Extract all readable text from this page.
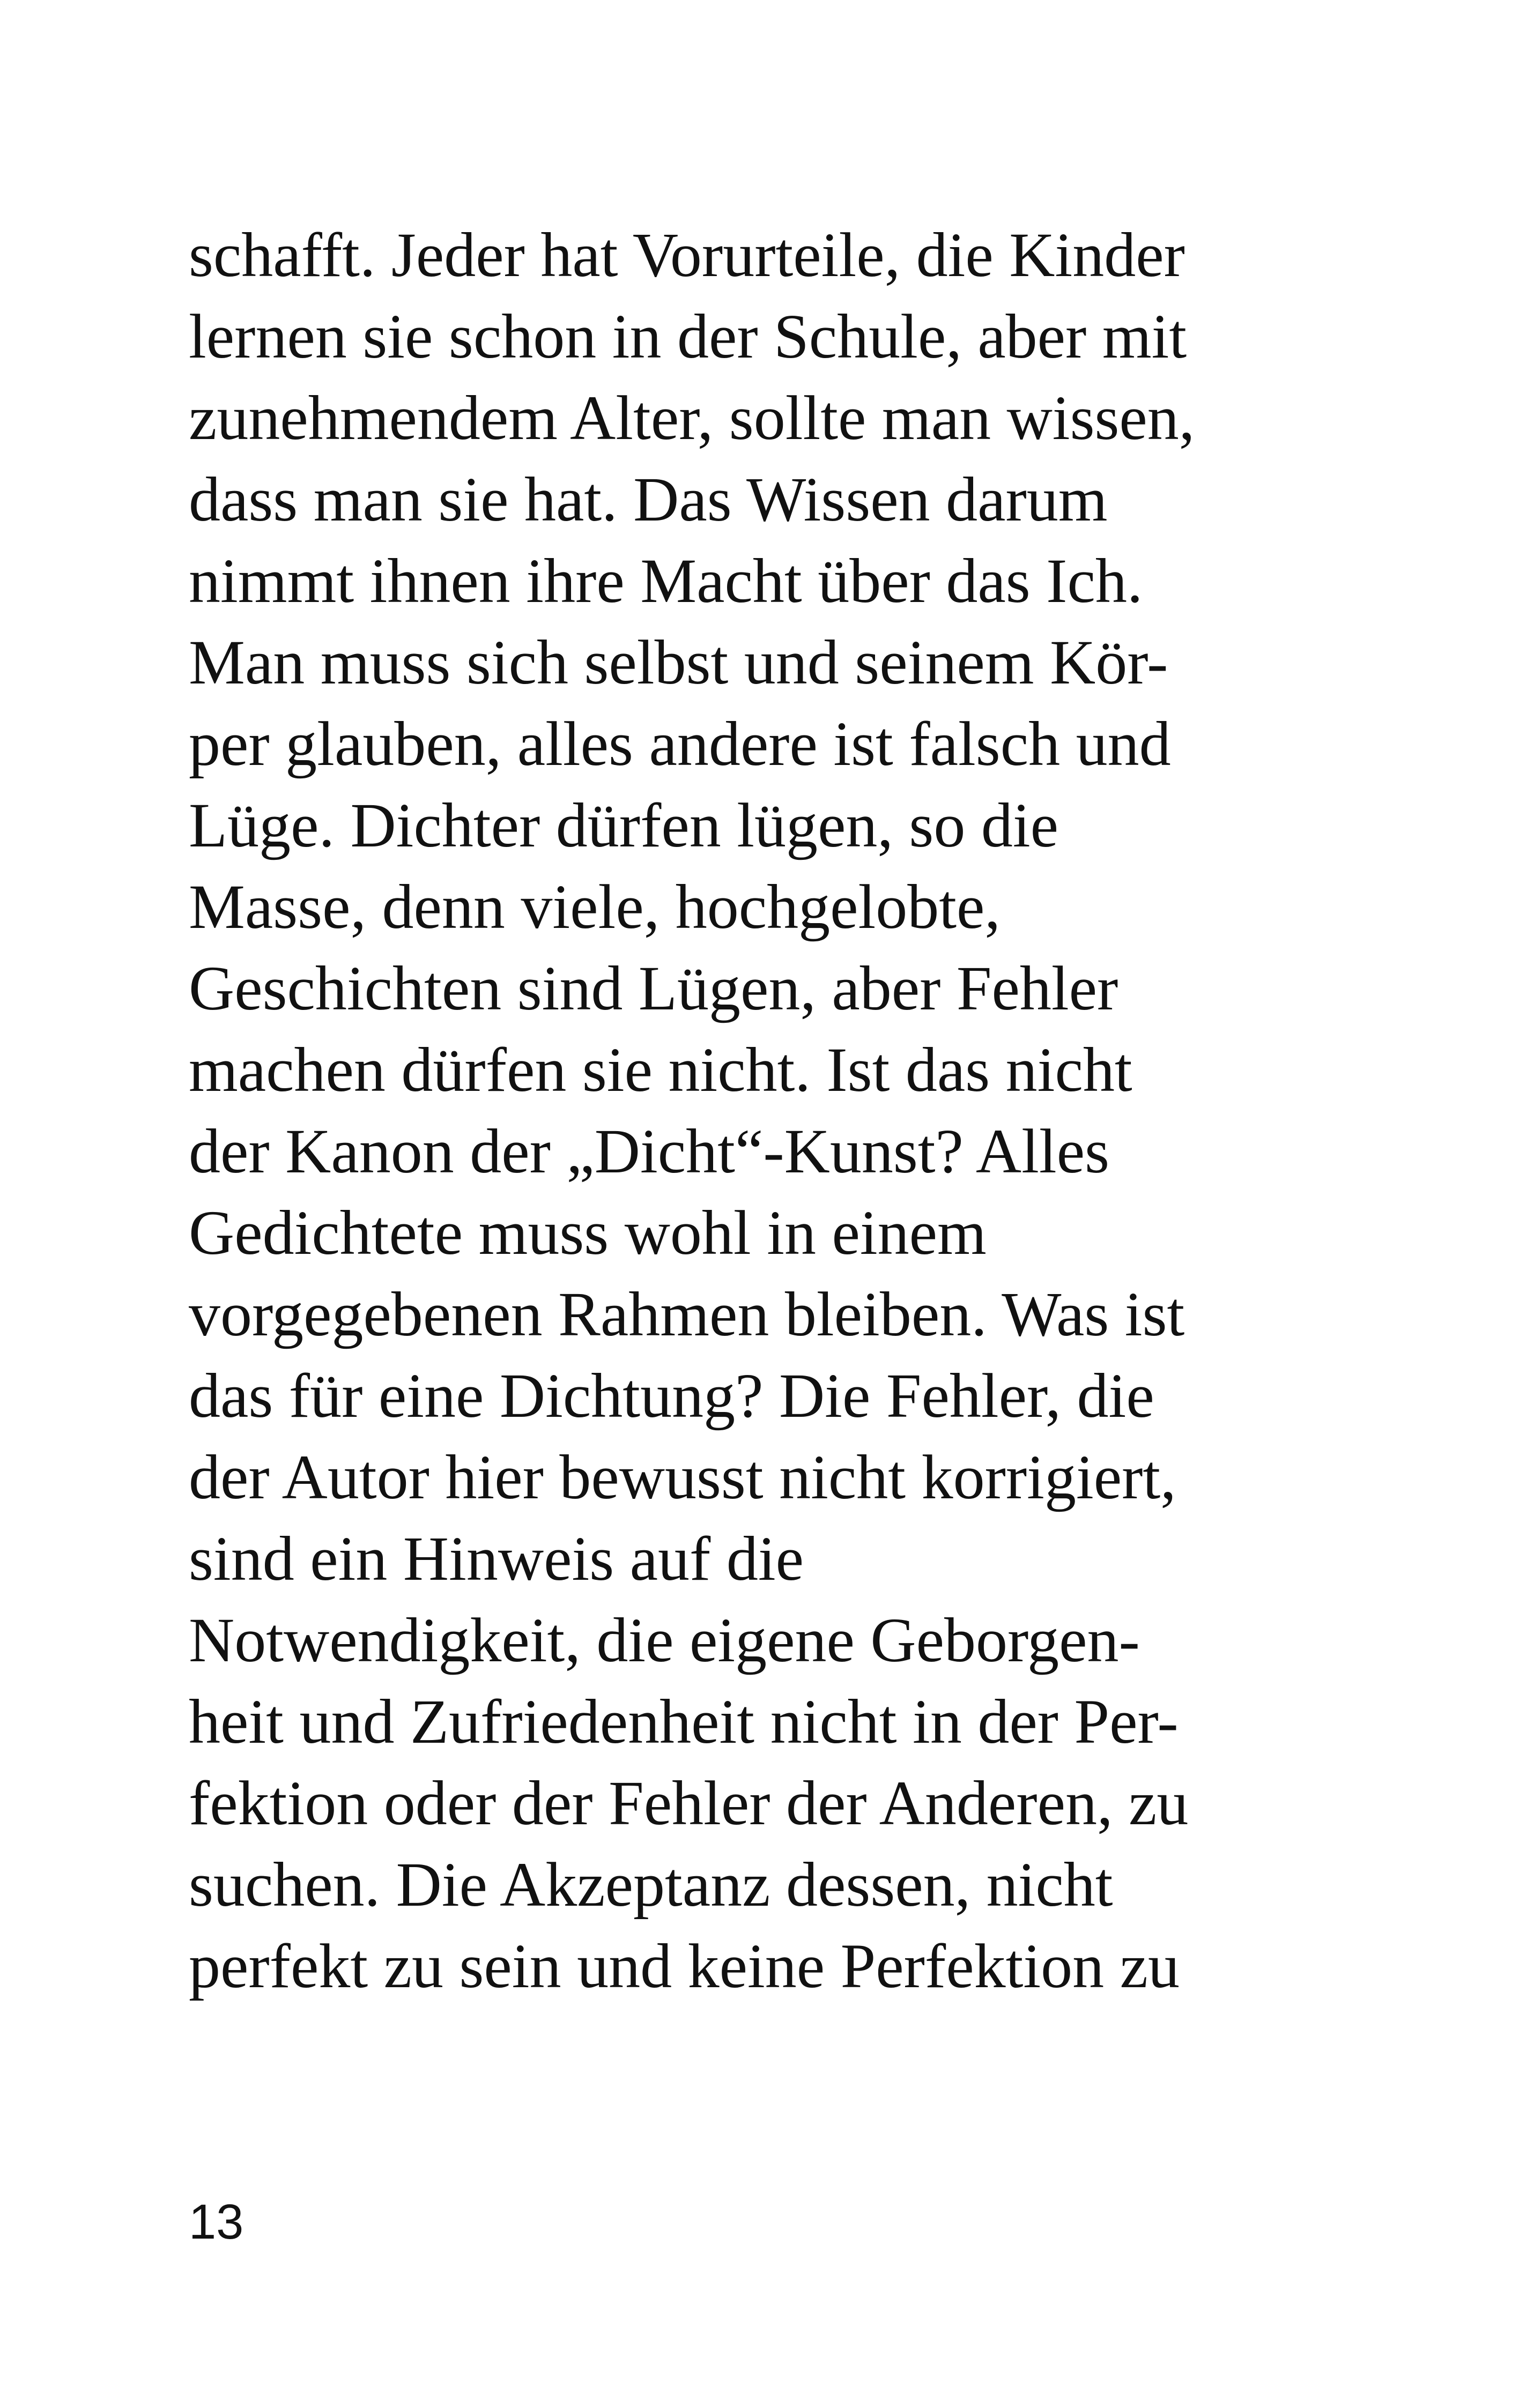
schafft. Jeder hat Vorurteile, die Kinder
lernen sie schon in der Schule, aber mit
zunehmendem Alter, sollte man wissen,
dass man sie hat. Das Wissen darum
nimmt ihnen ihre Macht über das Ich.
Man muss sich selbst und seinem Kör-
per glauben, alles andere ist falsch und
Lüge. Dichter dürfen lügen, so die
Masse, denn viele, hochgelobte,
Geschichten sind Lügen, aber Fehler
machen dürfen sie nicht. Ist das nicht
der Kanon der „Dicht“-Kunst? Alles
Gedichtete muss wohl in einem
vorgegebenen Rahmen bleiben. Was ist
das für eine Dichtung? Die Fehler, die
der Autor hier bewusst nicht korrigiert,
sind ein Hinweis auf die
Notwendigkeit, die eigene Geborgen-
heit und Zufriedenheit nicht in der Per-
fektion oder der Fehler der Anderen, zu
suchen. Die Akzeptanz dessen, nicht
perfekt zu sein und keine Perfektion zu
13
